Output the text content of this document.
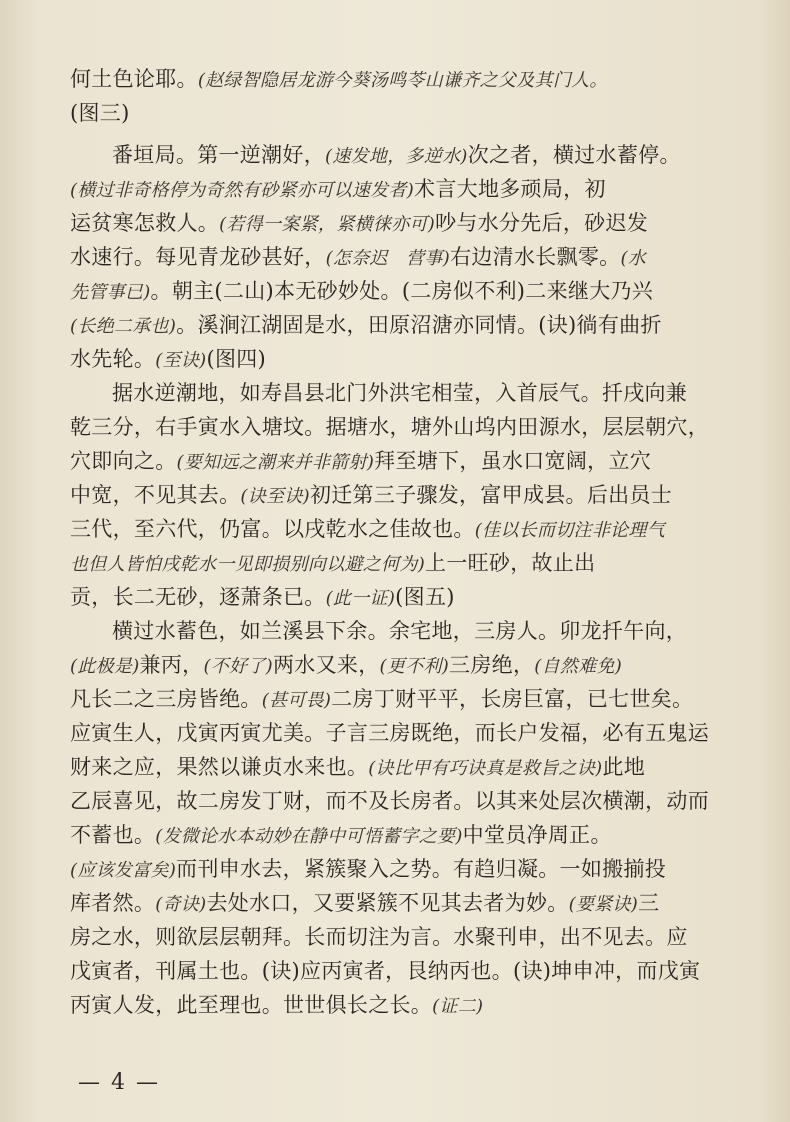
何土色论耶。(赵绿智隐居龙游今葵汤鸣苓山谦齐之父及其门人。
(图三)
番垣局。第一逆潮好，(速发地，多逆水)次之者，横过水蓄停。
(横过非奇格停为奇然有砂紧亦可以速发者)术言大地多顽局，初
运贫寒怎救人。(若得一案紧，紧横徕亦可)吵与水分先后，砂迟发
水速行。每见青龙砂甚好，(怎奈迟　营事)右边清水长飘零。(水
先管事已)。朝主(二山)本无砂妙处。(二房似不利)二来继大乃兴
(长绝二承也)。溪涧江湖固是水，田原沼溏亦同情。(诀)徜有曲折
水先轮。(至诀)(图四)
据水逆潮地，如寿昌县北门外洪宅相莹，入首辰气。扦戌向兼
乾三分，右手寅水入塘坟。据塘水，塘外山坞内田源水，层层朝穴，
穴即向之。(要知远之潮来并非箭射)拜至塘下，虽水口宽阔，立穴
中宽，不见其去。(诀至诀)初迁第三子骤发，富甲成县。后出员士
三代，至六代，仍富。以戌乾水之佳故也。(佳以长而切注非论理气
也但人皆怕戌乾水一见即损别向以避之何为)上一旺砂，故止出
贡，长二无砂，逐萧条已。(此一证)(图五)
横过水蓄色，如兰溪县下余。余宅地，三房人。卯龙扦午向，
(此极是)兼丙，(不好了)两水又来，(更不利)三房绝，(自然难免)
凡长二之三房皆绝。(甚可畏)二房丁财平平，长房巨富，已七世矣。
应寅生人，戊寅丙寅尤美。子言三房既绝，而长户发福，必有五鬼运
财来之应，果然以谦贞水来也。(诀比甲有巧诀真是救旨之诀)此地
乙辰喜见，故二房发丁财，而不及长房者。以其来处层次横潮，动而
不蓄也。(发微论水本动妙在静中可悟蓄字之要)中堂员净周正。
(应该发富矣)而刊申水去，紧簇聚入之势。有趋归凝。一如搬揃投
库者然。(奇诀)去处水口，又要紧簇不见其去者为妙。(要紧诀)三
房之水，则欲层层朝拜。长而切注为言。水聚刊申，出不见去。应
戊寅者，刊属土也。(诀)应丙寅者，艮纳丙也。(诀)坤申冲，而戊寅
丙寅人发，此至理也。世世俱长之长。(证二)
— 4 —
